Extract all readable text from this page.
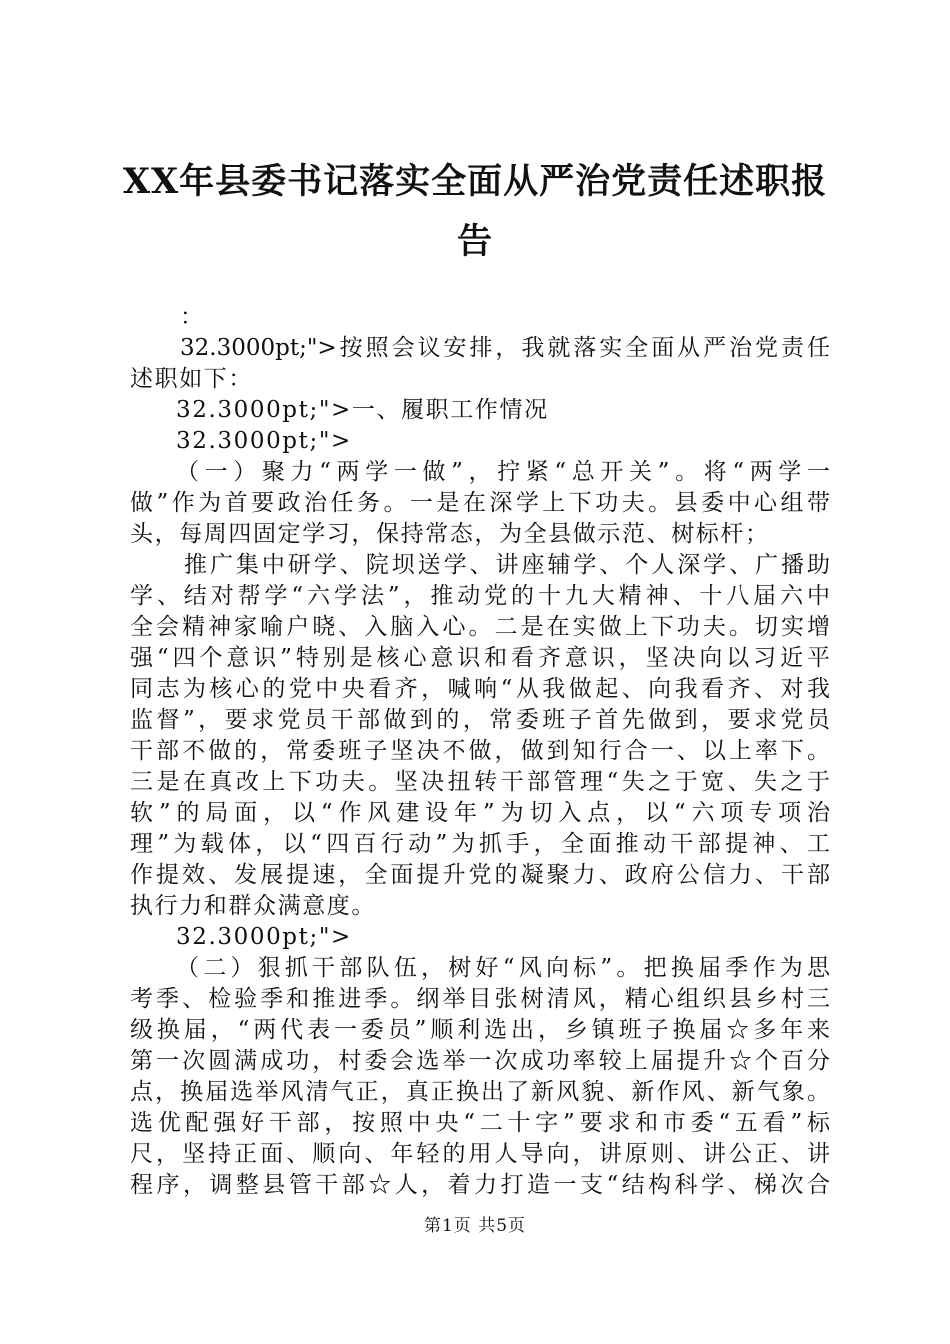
XX年县委书记落实全面从严治党责任述职报
告
：
32.3000pt;">按照会议安排，我就落实全面从严治党责任
述职如下：
32.3000pt;">一、履职工作情况
32.3000pt;">
（一）聚力“两学一做”，拧紧“总开关”。将“两学一
做”作为首要政治任务。一是在深学上下功夫。县委中心组带
头，每周四固定学习，保持常态，为全县做示范、树标杆；
推广集中研学、院坝送学、讲座辅学、个人深学、广播助
学、结对帮学“六学法”，推动党的十九大精神、十八届六中
全会精神家喻户晓、入脑入心。二是在实做上下功夫。切实增
强“四个意识”特别是核心意识和看齐意识，坚决向以习近平
同志为核心的党中央看齐，喊响“从我做起、向我看齐、对我
监督”，要求党员干部做到的，常委班子首先做到，要求党员
干部不做的，常委班子坚决不做，做到知行合一、以上率下。
三是在真改上下功夫。坚决扭转干部管理“失之于宽、失之于
软”的局面，以“作风建设年”为切入点，以“六项专项治
理”为载体，以“四百行动”为抓手，全面推动干部提神、工
作提效、发展提速，全面提升党的凝聚力、政府公信力、干部
执行力和群众满意度。
32.3000pt;">
（二）狠抓干部队伍，树好“风向标”。把换届季作为思
考季、检验季和推进季。纲举目张树清风，精心组织县乡村三
级换届，“两代表一委员”顺利选出，乡镇班子换届☆多年来
第一次圆满成功，村委会选举一次成功率较上届提升☆个百分
点，换届选举风清气正，真正换出了新风貌、新作风、新气象。
选优配强好干部，按照中央“二十字”要求和市委“五看”标
尺，坚持正面、顺向、年轻的用人导向，讲原则、讲公正、讲
程序，调整县管干部☆人，着力打造一支“结构科学、梯次合
第1页 共5页
